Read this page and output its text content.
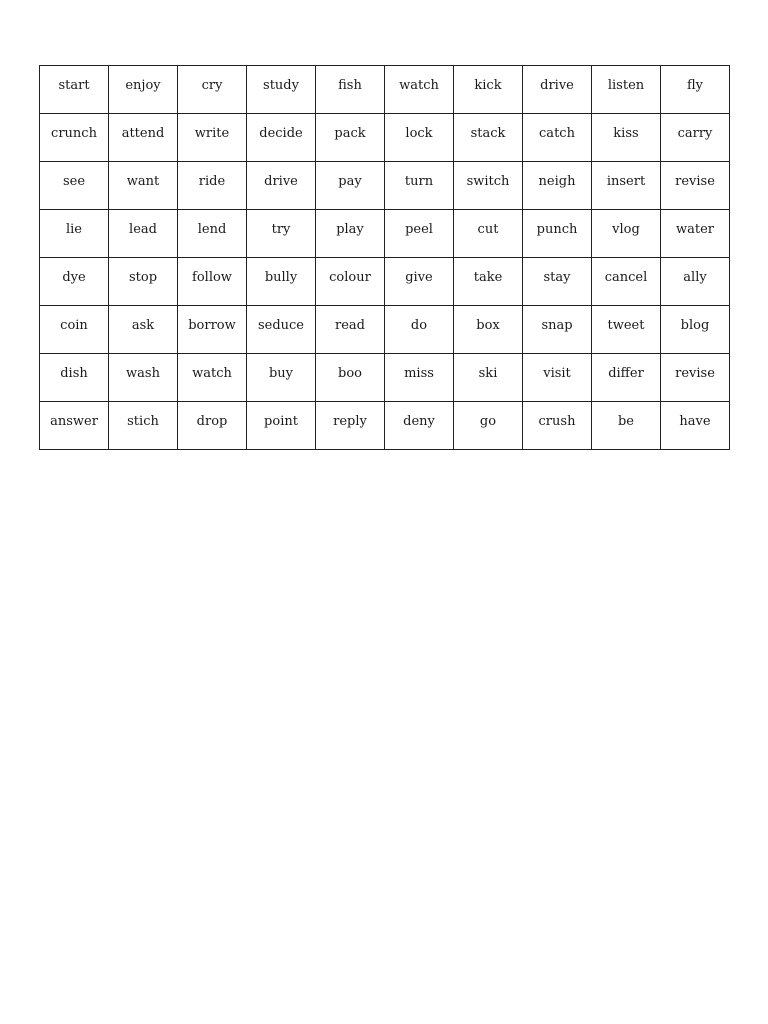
start	enjoy	cry	study	fish	watch	kick	drive	listen	fly

crunch	attend	write	decide	pack	lock	stack	catch	kiss	carry

see	want	ride	drive	pay	turn	switch	neigh	insert	revise

lie	lead	lend	try	play	peel	cut	punch	vlog	water

dye	stop	follow	bully	colour	give	take	stay	cancel	ally

coin	ask	borrow	seduce	read	do	box	snap	tweet	blog

dish	wash	watch	buy	boo	miss	ski	visit	differ	revise

answer	stich	drop	point	reply	deny	go	crush	be	have
